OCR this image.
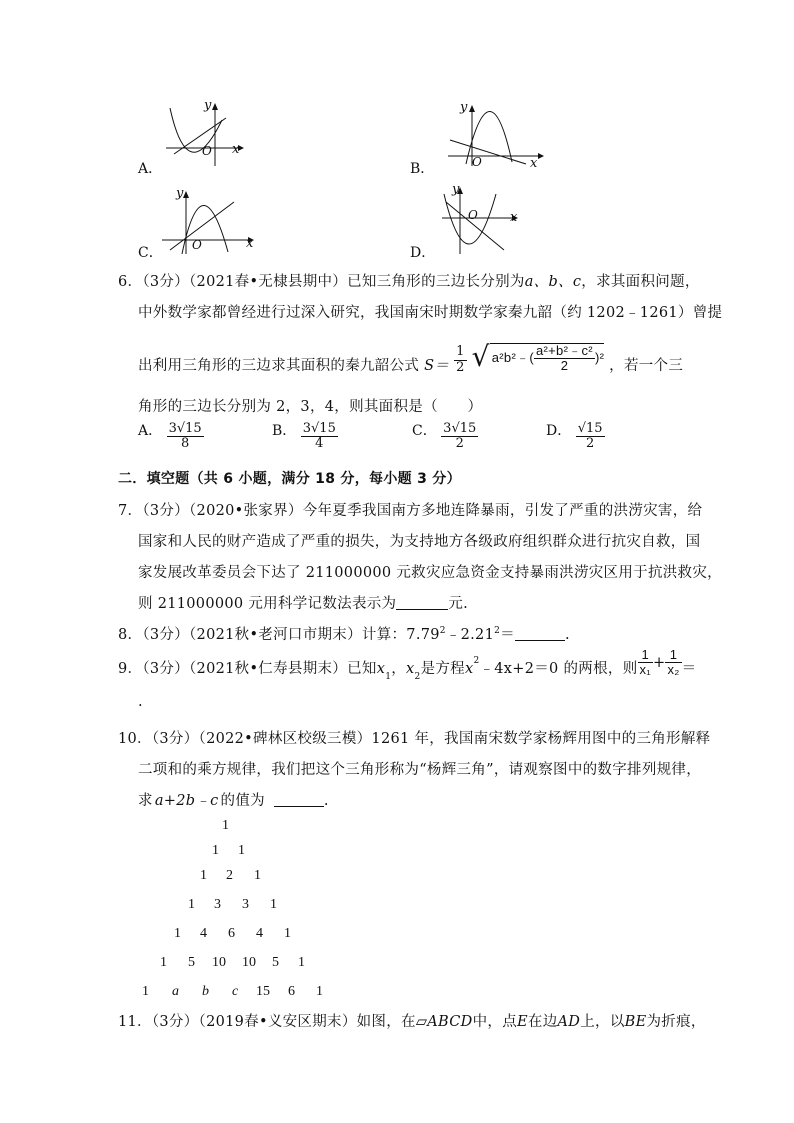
A．
y
O x
B．
y
O	x
C．
y
O	x
D．
y
O x
6．（3分）（2021春•无棣县期中）已知三角形的三边长分别为a、b、c，求其面积问题，
中外数学家都曾经进行过深入研究，我国南宋时期数学家秦九韶（约 1202﹣1261）曾提
出利用三角形的三边求其面积的秦九韶公式 $S= \frac{1}{2}$ √ a²b²﹣( $\frac{\text{a²+b²﹣c²}}{2} )^2$ ，若一个三
角形的三边长分别为 2，3，4，则其面积是（　　）
A． $\frac{3√15}{8}$	B． $\frac{3√15}{4}$	C． $\frac{3√15}{2}$	D． $\frac{√15}{2}$
二．填空题（共 6 小题，满分 18 分，每小题 3 分）
7．（3分）（2020•张家界）今年夏季我国南方多地连降暴雨，引发了严重的洪涝灾害，给
国家和人民的财产造成了严重的损失，为支持地方各级政府组织群众进行抗灾自救，国
家发展改革委员会下达了 211000000 元救灾应急资金支持暴雨洪涝灾区用于抗洪救灾，
则 211000000 元用科学记数法表示为	元.
8．（3分）（2021秋•老河口市期末）计算：$7.79^2﹣2.21^2=$	.
9．（3分）（2021秋•仁寿县期末）已知$x_1$，$x_2$是方程$x^2﹣4x+2=0$ 的两根，则 $\frac{1}{\text{x₁}} + \frac{1}{\text{x₂}}$ ＝
.
10．（3分）（2022•碑林区校级三模）1261 年，我国南宋数学家杨辉用图中的三角形解释
二项和的乘方规律，我们把这个三角形称为“杨辉三角”，请观察图中的数字排列规律，
求 a+2b﹣c 的值为	.
1
1 1
1 2 1
1 3 3 1
1 4 6 4 1
1 5 10 10 5 1
1 a b c 15 6 1
11．（3分）（2019春•义安区期末）如图，在▱ABCD中，点E在边AD上，以BE为折痕，
